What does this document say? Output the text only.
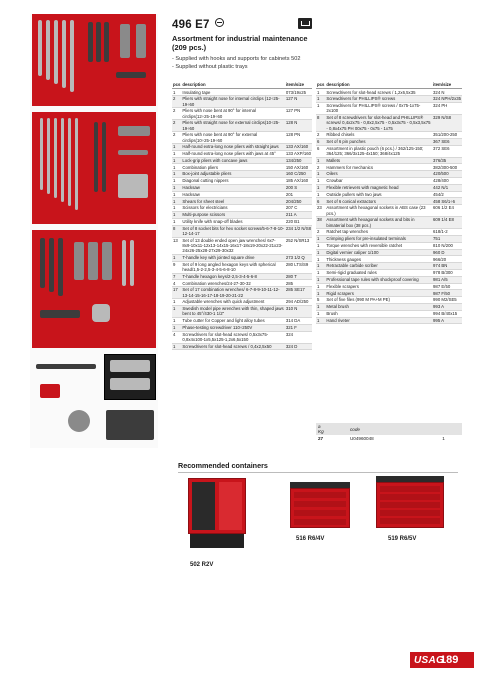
496 E7
Assortment for industrial maintenance
(209 pcs.)
- Supplied with hooks and supports for cabinets 502
- Supplied without plastic trays
pcs	description	item/size
1	Insulating tape	073/19x25
2	Pliers with straight nose for internal circlips (12÷25-19÷60	127 N
2	Pliers with nose bent at 90° for internal circlips(12÷25-19÷60	127 PN
2	Pliers with straight nose for external circlips(10÷25-19÷60	128 N
2	Pliers with nose bent at 90° for external circlips(10÷25-19÷60	128 PN
1	Half-round extra-long nose pliers with straight jaws	133 AX/160
1	Half-round extra-long nose pliers with jaws at 45°	133 AXP/160
1	Lock-grip pliers with concave jaws	134/250
1	Combination pliers	150 AX/160
1	Box-joint adjustable pliers	160 C/250
1	Diagonal cutting nippers	185 AX/160
1	Hacksaw	200 S
1	Hacksaw	201
1	Shears for sheet steel	204/250
1	Scissors for electricians	207 C
1	Multi-purpose scissors	211 A
1	Utility knife with snap-off blades	220 B1
8	Set of 8 socket bits for hex socket screws/5-6-7-8-10-12-14-17	234 1/2 N/S8
13	Set of 13 double ended open jaw wrenches/ 6x7-8x9-10x11-12x13-14x15-16x17-18x19-20x22-21x23-24x26-25x28-27x29-30x32	252 N/SR13
1	T-handle key with jointed square drive	273 1/2 Q
9	Set of 9 long angled hexagon keys with spherical head/1,5-2-2,5-3-4-5-6-8-10	280 LTS/S9
7	T-handle hexagon keys/2-2,5-3-4-5-6-8	280 T
4	Combination wrenches/24-27-30-32	285
17	Set of 17 combination wrenches/ 6-7-8-9-10-11-12-13-14-15-16-17-18-19-20-21-22	285 SE17
1	Adjustable wrenches with quick adjustment	294 AD/250
1	Swedish model pipe wrenches with thin, shaped jaws bent to 45°/430-1 1/2"	310 N
1	Tube cutter for Copper and light alloy tubes	314 DA
1	Phase-testing screwdriver 110÷250V	321 F
4	Screwdrivers for slot-head screws/ 0,5x3x75-0,8x4x100-1x5,5x125-1,2x6,5x150	324
1	Screwdrivers for slot-head screws / 0,4x2,5x50	324 D
pcs	description	item/size
1	Screwdrivers for slot-head screws / 1,2x6,5x35	324 N
1	Screwdrivers for PHILLIPS® screws	324 NPH/2x35
1	Screwdrivers for PHILLIPS® screws / 0x75-1x75-2x100	324 PH
8	Set of 8 screwdrivers for slot-head and PHILLIPS® screws/ 0,4x2x75 - 0,8x2,5x75 - 0,5x3x75 - 0,5x3,5x75 - 0,8x4x75 PH 00x75 - 0x75 - 1x75	329 N/S8
2	Ribbed chisels	351/200-250
6	Set of 6 pin punches	367 SE6
6	Assortment in plastic pouch (6 pcs.) / 362/125-150; 364/125; 366/3x125-4x150; 368/4x125	372 SE6
1	Mallets	376/35
2	Hammers for mechanics	382/300-500
1	Oilers	420/500
1	Crowbar	428/400
1	Flexible retrievers with magnetic head	442 N/1
1	Outside pullers with two jaws	454/2
6	Set of 6 conical extractors	458 S6/1÷6
23	Assortment with hexagonal sockets in ABS case (23 pcs.)	606 1/2 E4
38	Assortment with hexagonal sockets and bits in bimaterial box (38 pcs.)	609 1/4 E8
2	Ratchet tap wrenches	618/1-2
1	Crimping pliers for pre-insulated terminals	751
1	Torque wrenches with reversible ratchet	810 N/200
1	Digital vernier caliper 1/100	960 D
1	Thickness gauges	966/20
1	Retractable carbide scriber	974 BN
1	Semi-rigid graduated rules	978 B/300
1	Professional tape rules with shockproof covering	981 A/5
1	Flexible scrapers	987 E/50
1	Rigid scrapers	987 F/50
5	Set of five files (990 M PA+M PE)	990 M2/SE5
1	Metal brush	993 A
1	Brush	994 B/40x15
1	Hand riveter	995 A
a
Kg	code	
27	U04960048	1
Recommended containers
502 R2V
516 R6/4V	519 R6/5V
USAG
189
